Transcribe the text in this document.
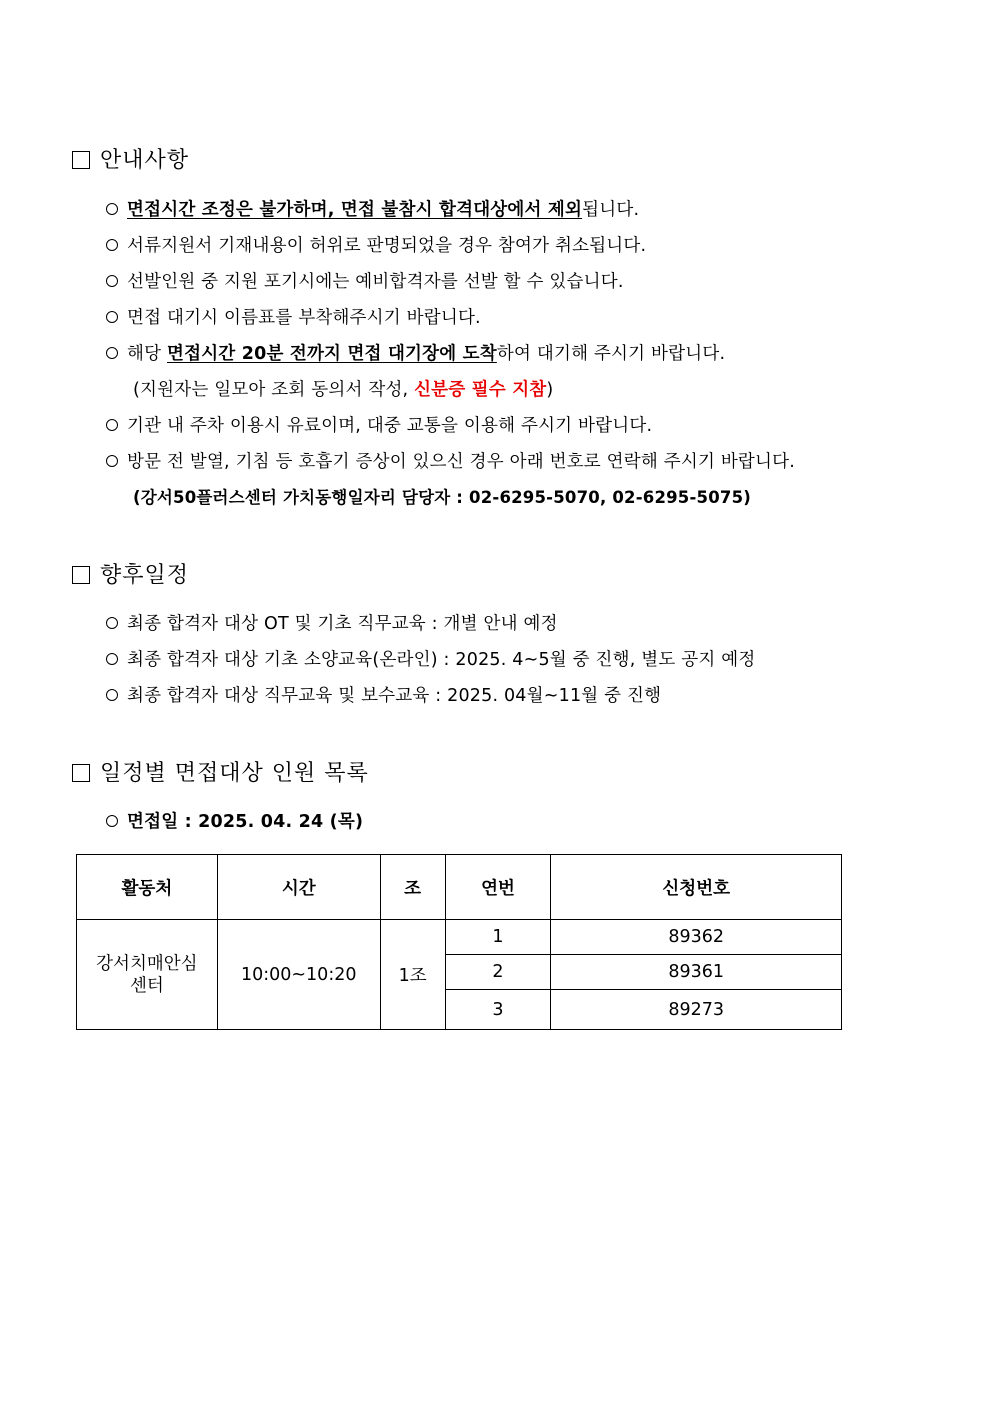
안내사항
면접시간 조정은 불가하며, 면접 불참시 합격대상에서 제외됩니다.
서류지원서 기재내용이 허위로 판명되었을 경우 참여가 취소됩니다.
선발인원 중 지원 포기시에는 예비합격자를 선발 할 수 있습니다.
면접 대기시 이름표를 부착해주시기 바랍니다.
해당 면접시간 20분 전까지 면접 대기장에 도착하여 대기해 주시기 바랍니다.
(지원자는 일모아 조회 동의서 작성, 신분증 필수 지참)
기관 내 주차 이용시 유료이며, 대중 교통을 이용해 주시기 바랍니다.
방문 전 발열, 기침 등 호흡기 증상이 있으신 경우 아래 번호로 연락해 주시기 바랍니다.
(강서50플러스센터 가치동행일자리 담당자 : 02-6295-5070, 02-6295-5075)
향후일정
최종 합격자 대상 OT 및 기초 직무교육 : 개별 안내 예정
최종 합격자 대상 기초 소양교육(온라인) : 2025. 4~5월 중 진행, 별도 공지 예정
최종 합격자 대상 직무교육 및 보수교육 : 2025. 04월~11월 중 진행
일정별 면접대상 인원 목록
면접일 : 2025. 04. 24 (목)
활동처	시간	조	연번	신청번호
강서치매안심
센터	10:00~10:20	1조	1	89362
			2	89361
			3	89273
